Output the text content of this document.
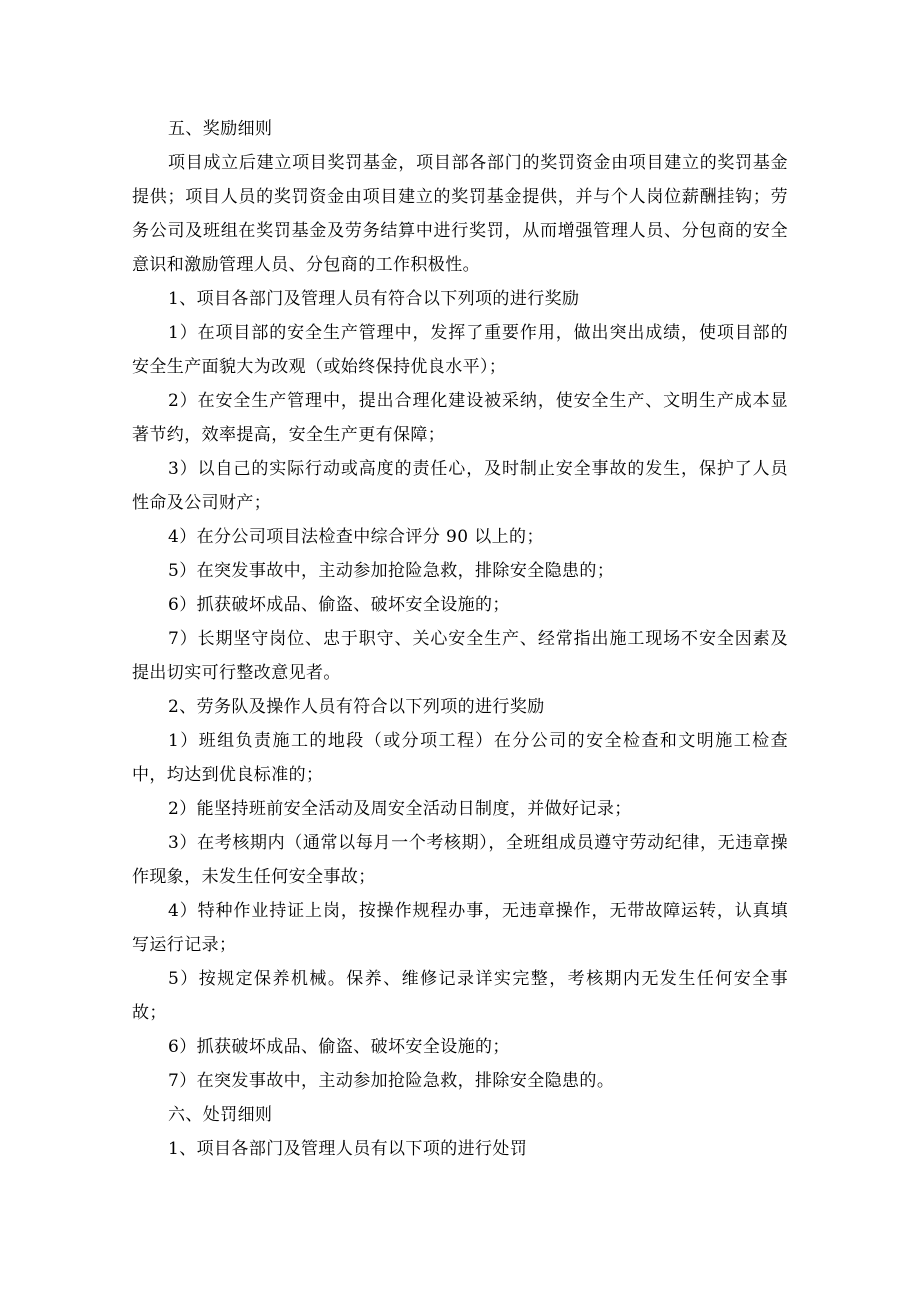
五、奖励细则

项目成立后建立项目奖罚基金，项目部各部门的奖罚资金由项目建立的奖罚基金提供；项目人员的奖罚资金由项目建立的奖罚基金提供，并与个人岗位薪酬挂钩；劳务公司及班组在奖罚基金及劳务结算中进行奖罚，从而增强管理人员、分包商的安全意识和激励管理人员、分包商的工作积极性。

1、项目各部门及管理人员有符合以下列项的进行奖励

1）在项目部的安全生产管理中，发挥了重要作用，做出突出成绩，使项目部的安全生产面貌大为改观（或始终保持优良水平）；

2）在安全生产管理中，提出合理化建设被采纳，使安全生产、文明生产成本显著节约，效率提高，安全生产更有保障；

3）以自己的实际行动或高度的责任心，及时制止安全事故的发生，保护了人员性命及公司财产；

4）在分公司项目法检查中综合评分 90 以上的；

5）在突发事故中，主动参加抢险急救，排除安全隐患的；

6）抓获破坏成品、偷盗、破坏安全设施的；

7）长期坚守岗位、忠于职守、关心安全生产、经常指出施工现场不安全因素及提出切实可行整改意见者。

2、劳务队及操作人员有符合以下列项的进行奖励

1）班组负责施工的地段（或分项工程）在分公司的安全检查和文明施工检查中，均达到优良标准的；

2）能坚持班前安全活动及周安全活动日制度，并做好记录；

3）在考核期内（通常以每月一个考核期），全班组成员遵守劳动纪律，无违章操作现象，未发生任何安全事故；

4）特种作业持证上岗，按操作规程办事，无违章操作，无带故障运转，认真填写运行记录；

5）按规定保养机械。保养、维修记录详实完整，考核期内无发生任何安全事故；

6）抓获破坏成品、偷盗、破坏安全设施的；

7）在突发事故中，主动参加抢险急救，排除安全隐患的。

六、处罚细则

1、项目各部门及管理人员有以下项的进行处罚
